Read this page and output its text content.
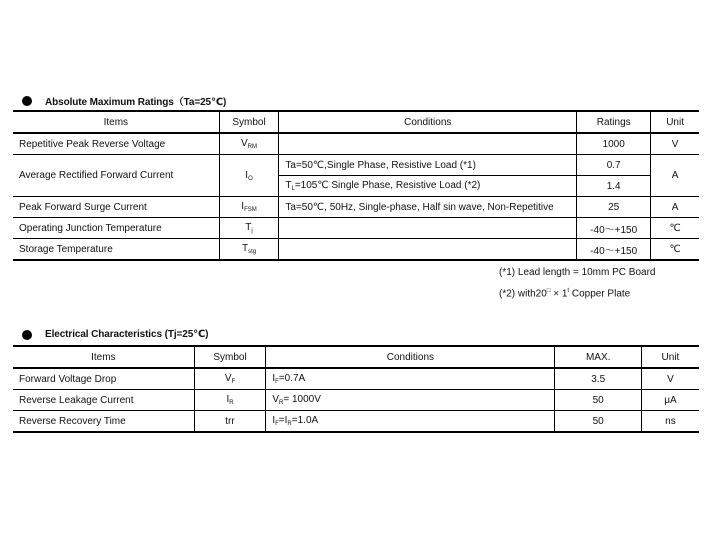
Absolute Maximum Ratings（Ta=25℃)
Items	Symbol	Conditions	Ratings	Unit
Repetitive Peak Reverse Voltage	$V_{RM}$		1000	V
Average Rectified Forward Current	$I_O$	Ta=50℃,Single Phase, Resistive Load (*1)	0.7	A
		$T_L=105℃$ Single Phase, Resistive Load (*2)	1.4	
Peak Forward Surge Current	$I_{FSM}$	Ta=50℃, 50Hz, Single-phase, Half sin wave, Non-Repetitive	25	A
Operating Junction Temperature	$T_j$		-40～+150	℃
Storage Temperature	$T_{stg}$		-40～+150	℃
(*1) Lead length = 10mm PC Board
(*2) with20□ × $1^t$ Copper Plate
Electrical Characteristics (Tj=25℃)
Items	Symbol	Conditions	MAX.	Unit
Forward Voltage Drop	$V_F$	$I_F=0.7A$	3.5	V
Reverse Leakage Current	$I_R$	$V_R= 1000V$	50	μA
Reverse Recovery Time	trr	$I_F=I_R=1.0A$	50	ns
